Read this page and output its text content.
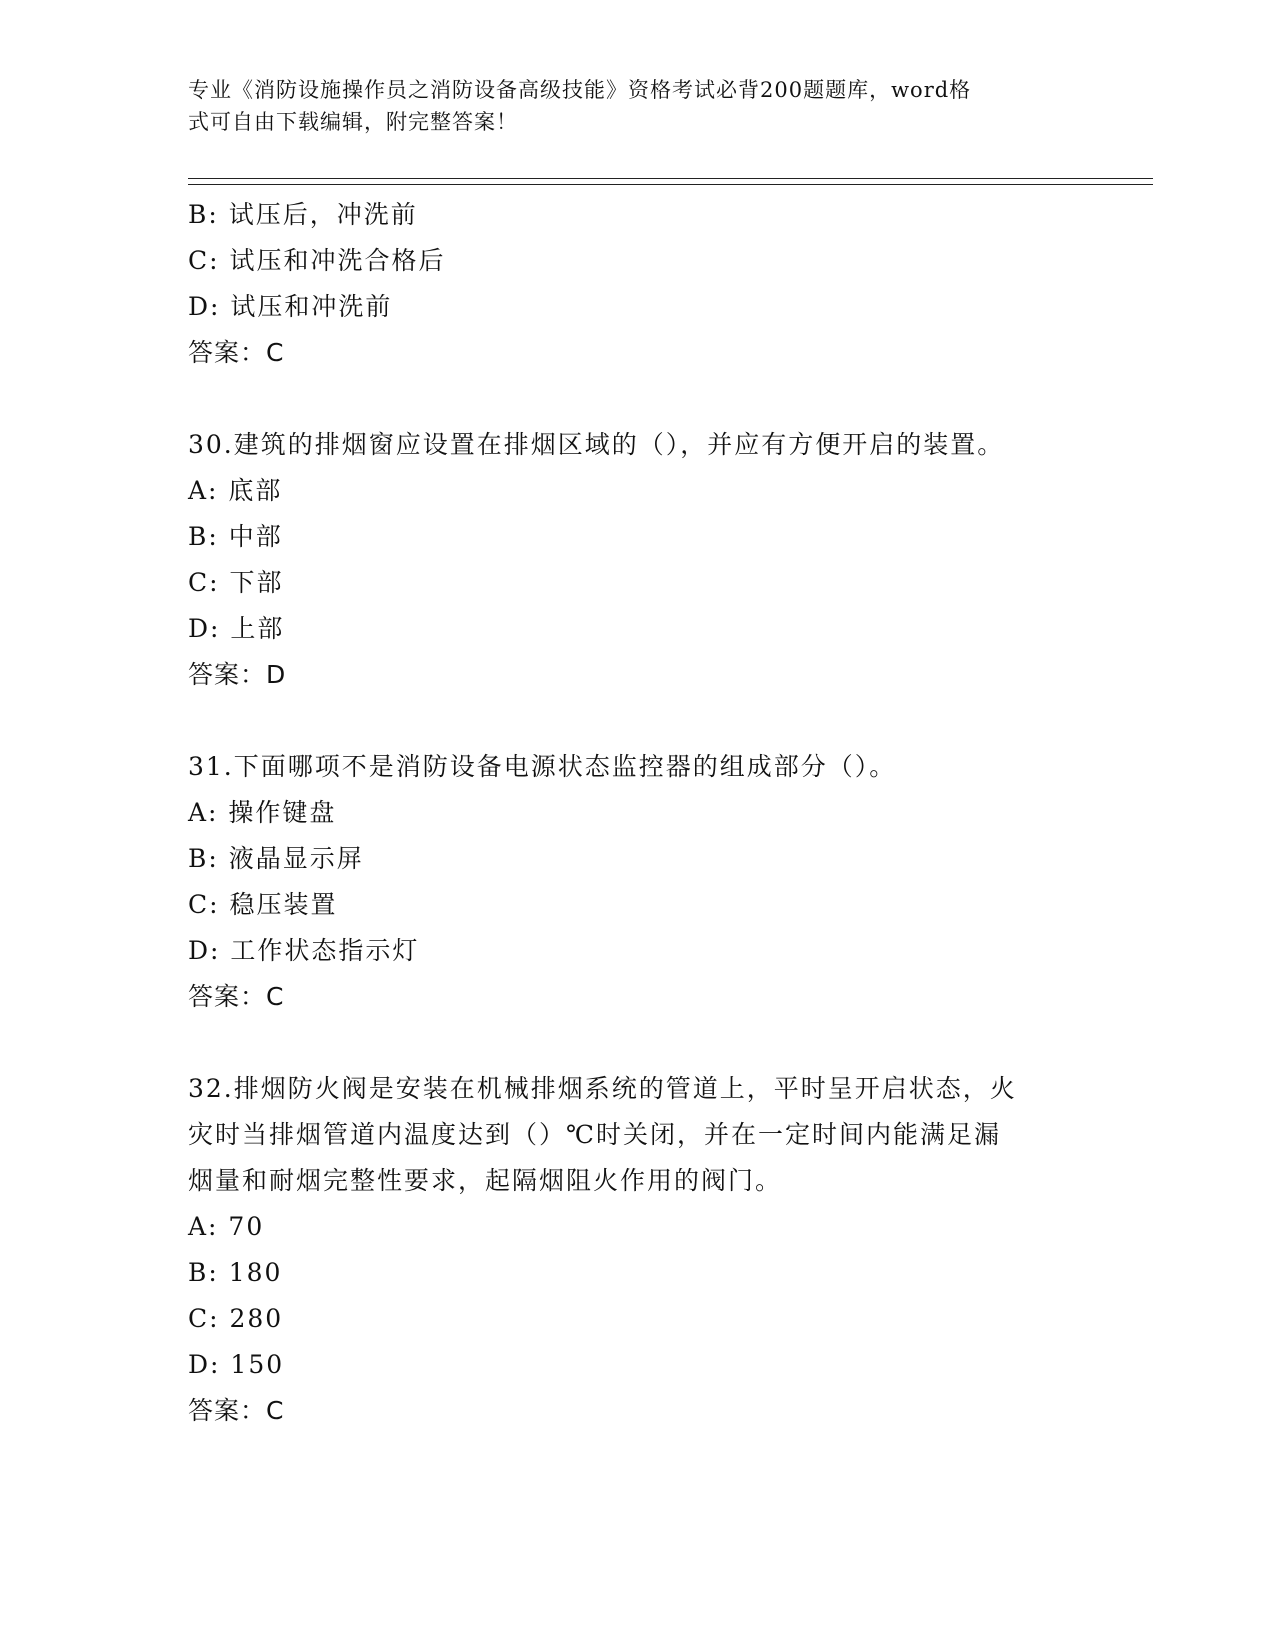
专业《消防设施操作员之消防设备高级技能》资格考试必背200题题库，word格
式可自由下载编辑，附完整答案！
B: 试压后，冲洗前
C: 试压和冲洗合格后
D: 试压和冲洗前
答案：C
30.建筑的排烟窗应设置在排烟区域的（），并应有方便开启的装置。
A: 底部
B: 中部
C: 下部
D: 上部
答案：D
31.下面哪项不是消防设备电源状态监控器的组成部分（）。
A: 操作键盘
B: 液晶显示屏
C: 稳压装置
D: 工作状态指示灯
答案：C
32.排烟防火阀是安装在机械排烟系统的管道上，平时呈开启状态，火
灾时当排烟管道内温度达到（）℃时关闭，并在一定时间内能满足漏
烟量和耐烟完整性要求，起隔烟阻火作用的阀门。
A: 70
B: 180
C: 280
D: 150
答案：C
